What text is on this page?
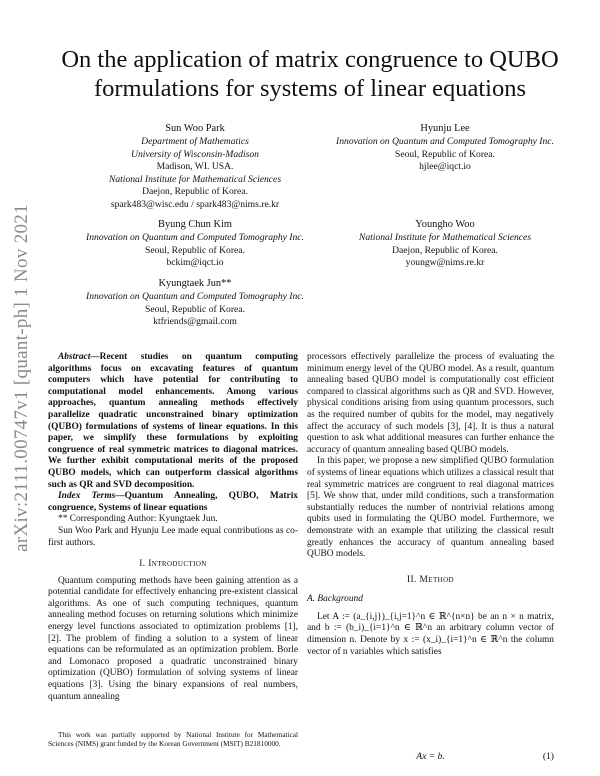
arXiv:2111.00747v1 [quant-ph] 1 Nov 2021
On the application of matrix congruence to QUBO
formulations for systems of linear equations
Sun Woo Park
Department of Mathematics
University of Wisconsin-Madison
Madison, WI. USA.
National Institute for Mathematical Sciences
Daejon, Republic of Korea.
spark483@wisc.edu / spark483@nims.re.kr
Hyunju Lee
Innovation on Quantum and Computed Tomography Inc.
Seoul, Republic of Korea.
hjlee@iqct.io
Byung Chun Kim
Innovation on Quantum and Computed Tomography Inc.
Seoul, Republic of Korea.
bckim@iqct.io
Youngho Woo
National Institute for Mathematical Sciences
Daejon, Republic of Korea.
youngw@nims.re.kr
Kyungtaek Jun**
Innovation on Quantum and Computed Tomography Inc.
Seoul, Republic of Korea.
ktfriends@gmail.com

Abstract—Recent studies on quantum computing algorithms focus on excavating features of quantum computers which have potential for contributing to computational model enhancements. Among various approaches, quantum annealing methods effectively parallelize quadratic unconstrained binary optimization (QUBO) formulations of systems of linear equations. In this paper, we simplify these formulations by exploiting congruence of real symmetric matrices to diagonal matrices. We further exhibit computational merits of the proposed QUBO models, which can outperform classical algorithms such as QR and SVD decomposition.

Index Terms—Quantum Annealing, QUBO, Matrix congruence, Systems of linear equations

** Corresponding Author: Kyungtaek Jun.

Sun Woo Park and Hyunju Lee made equal contributions as co-first authors.

I. Introduction

Quantum computing methods have been gaining attention as a potential candidate for effectively enhancing pre-existent classical algorithms. As one of such computing techniques, quantum annealing method focuses on returning solutions which minimize energy level functions associated to optimization problems [1], [2]. The problem of finding a solution to a system of linear equations can be reformulated as an optimization problem. Borle and Lomonaco proposed a quadratic unconstrained binary optimization (QUBO) formulation of solving systems of linear equations [3]. Using the binary expansions of real numbers, quantum annealing

This work was partially supported by National Institute for Mathematical Sciences (NIMS) grant funded by the Korean Government (MSIT) B21810000.

processors effectively parallelize the process of evaluating the minimum energy level of the QUBO model. As a result, quantum annealing based QUBO model is computationally cost efficient compared to classical algorithms such as QR and SVD. However, physical conditions arising from using quantum processors, such as the required number of qubits for the model, may negatively affect the accuracy of such models [3], [4]. It is thus a natural question to ask what additional measures can further enhance the accuracy of quantum annealing based QUBO models.

In this paper, we propose a new simplified QUBO formulation of systems of linear equations which utilizes a classical result that real symmetric matrices are congruent to real diagonal matrices [5]. We show that, under mild conditions, such a transformation substantially reduces the number of nontrivial relations among qubits used in formulating the QUBO model. Furthermore, we demonstrate with an example that utilizing the classical result greatly enhances the accuracy of quantum annealing based QUBO models.

II. Method
A. Background

Let A := (a_{i,j})_{i,j=1}^n ∈ ℝ^{n×n} be an n × n matrix, and b := (b_i)_{i=1}^n ∈ ℝ^n an arbitrary column vector of dimension n. Denote by x := (x_i)_{i=1}^n ∈ ℝ^n the column vector of n variables which satisfies

Ax = b.	(1)
